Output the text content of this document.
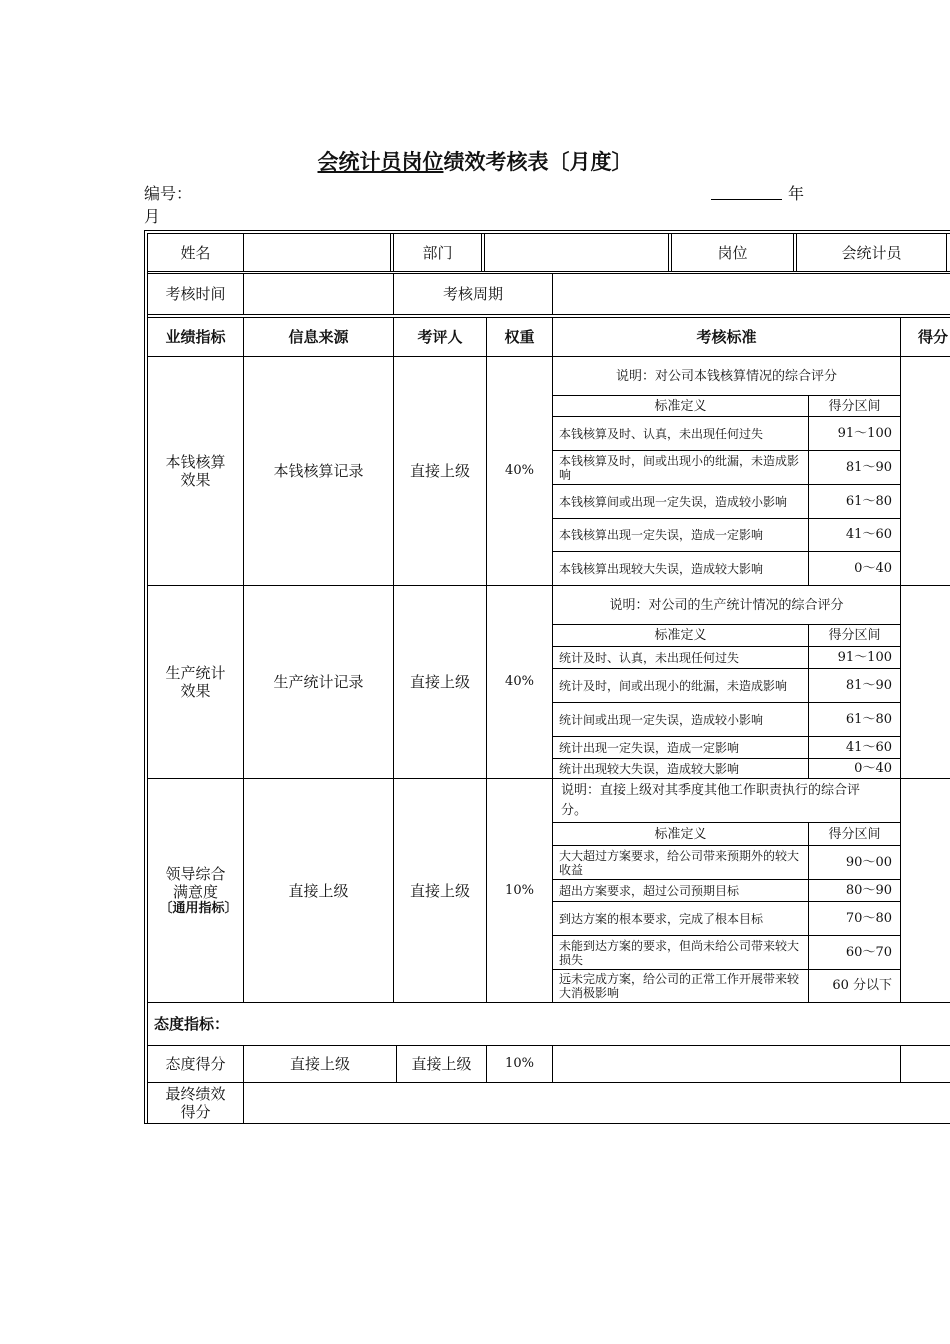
会统计员岗位绩效考核表〔月度〕
编号：	年
月
姓名	部门	岗位	会统计员
考核时间	考核周期
业绩指标	信息来源	考评人	权重	考核标准	得分
本钱核算效果	本钱核算记录	直接上级	40%
说明：对公司本钱核算情况的综合评分
标准定义	得分区间
本钱核算及时、认真，未出现任何过失	91～100
本钱核算及时，间或出现小的纰漏，未造成影响	81～90
本钱核算间或出现一定失误，造成较小影响	61～80
本钱核算出现一定失误，造成一定影响	41～60
本钱核算出现较大失误，造成较大影响	0～40
生产统计效果	生产统计记录	直接上级	40%
说明：对公司的生产统计情况的综合评分
标准定义	得分区间
统计及时、认真，未出现任何过失	91～100
统计及时，间或出现小的纰漏，未造成影响	81～90
统计间或出现一定失误，造成较小影响	61～80
统计出现一定失误，造成一定影响	41～60
统计出现较大失误，造成较大影响	0～40
领导综合满意度
〔通用指标〕
直接上级	直接上级	10%
说明：直接上级对其季度其他工作职责执行的综合评分。
标准定义	得分区间
大大超过方案要求，给公司带来预期外的较大收益	90～00
超出方案要求，超过公司预期目标	80～90
到达方案的根本要求，完成了根本目标	70～80
未能到达方案的要求，但尚未给公司带来较大损失	60～70
远未完成方案，给公司的正常工作开展带来较大消极影响	60 分以下
态度指标：
态度得分	直接上级	直接上级	10%
最终绩效得分
